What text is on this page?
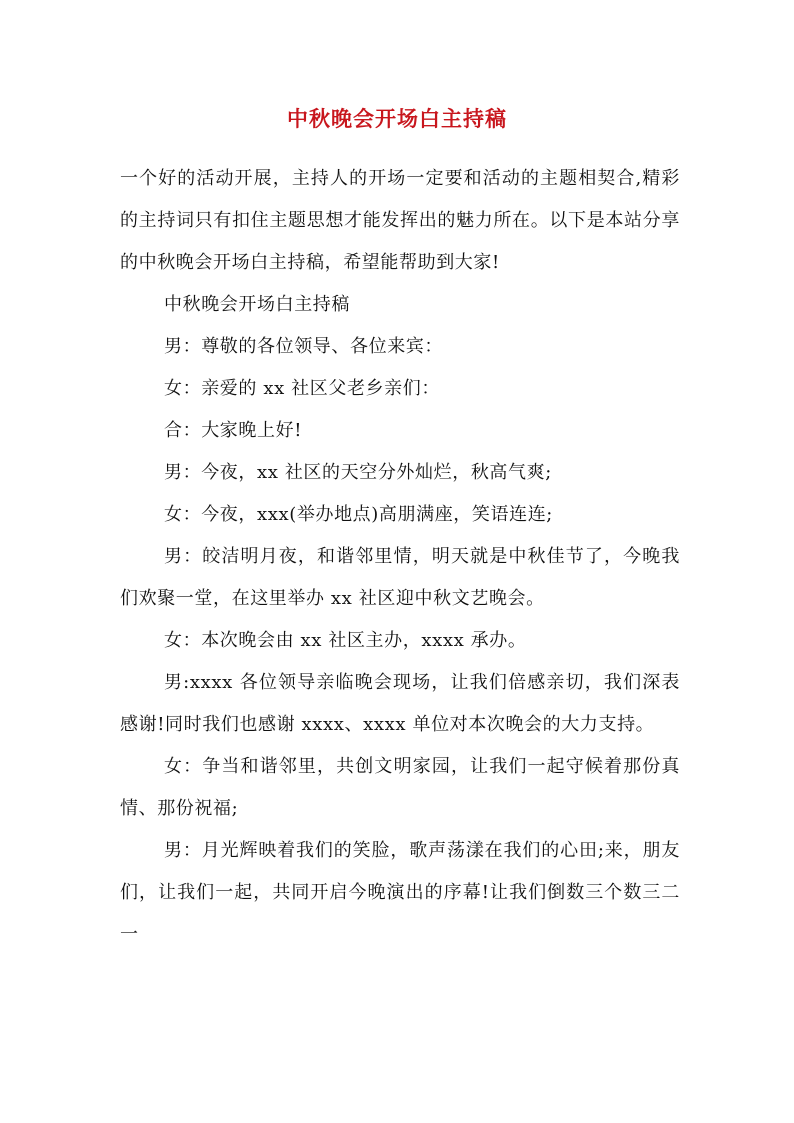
中秋晚会开场白主持稿

一个好的活动开展，主持人的开场一定要和活动的主题相契合,精彩的主持词只有扣住主题思想才能发挥出的魅力所在。以下是本站分享的中秋晚会开场白主持稿，希望能帮助到大家!

中秋晚会开场白主持稿

男：尊敬的各位领导、各位来宾：

女：亲爱的 xx 社区父老乡亲们：

合：大家晚上好!

男：今夜，xx 社区的天空分外灿烂，秋高气爽;

女：今夜，xxx(举办地点)高朋满座，笑语连连;

男：皎洁明月夜，和谐邻里情，明天就是中秋佳节了，今晚我们欢聚一堂，在这里举办 xx 社区迎中秋文艺晚会。

女：本次晚会由 xx 社区主办，xxxx 承办。

男:xxxx 各位领导亲临晚会现场，让我们倍感亲切，我们深表感谢!同时我们也感谢 xxxx、xxxx 单位对本次晚会的大力支持。

女：争当和谐邻里，共创文明家园，让我们一起守候着那份真情、那份祝福;

男：月光辉映着我们的笑脸，歌声荡漾在我们的心田;来，朋友们，让我们一起，共同开启今晚演出的序幕!让我们倒数三个数三二一
